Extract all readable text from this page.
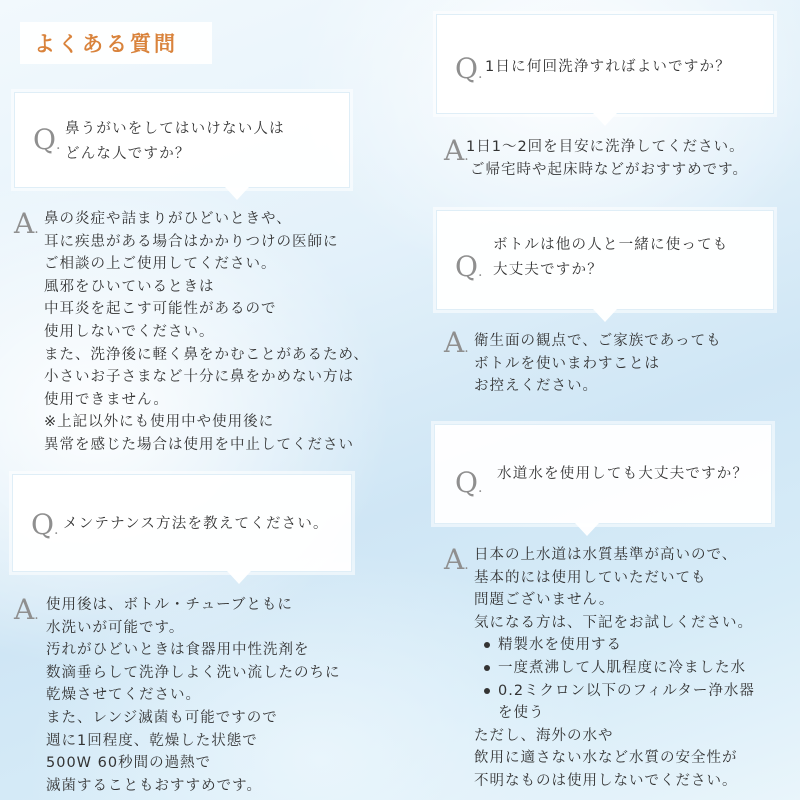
よくある質問
Q.
鼻うがいをしてはいけない人は
どんな人ですか？
A.
鼻の炎症や詰まりがひどいときや、
耳に疾患がある場合はかかりつけの医師に
ご相談の上ご使用してください。
風邪をひいているときは
中耳炎を起こす可能性があるので
使用しないでください。
また、洗浄後に軽く鼻をかむことがあるため、
小さいお子さまなど十分に鼻をかめない方は
使用できません。
※上記以外にも使用中や使用後に
異常を感じた場合は使用を中止してください
Q. メンテナンス方法を教えてください。
A.
使用後は、ボトル・チューブともに
水洗いが可能です。
汚れがひどいときは食器用中性洗剤を
数滴垂らして洗浄しよく洗い流したのちに
乾燥させてください。
また、レンジ滅菌も可能ですので
週に1回程度、乾燥した状態で
500W 60秒間の過熱で
滅菌することもおすすめです。
Q. 1日に何回洗浄すればよいですか？
A.
1日1〜2回を目安に洗浄してください。
ご帰宅時や起床時などがおすすめです。
Q.
ボトルは他の人と一緒に使っても
大丈夫ですか？
A. 衛生面の観点で、ご家族であっても
ボトルを使いまわすことは
お控えください。
Q.
水道水を使用しても大丈夫ですか？
A.
日本の上水道は水質基準が高いので、
基本的には使用していただいても
問題ございません。
気になる方は、下記をお試しください。
精製水を使用する
一度煮沸して人肌程度に冷ました水
0.2ミクロン以下のフィルター浄水器
を使う
ただし、海外の水や
飲用に適さない水など水質の安全性が
不明なものは使用しないでください。
